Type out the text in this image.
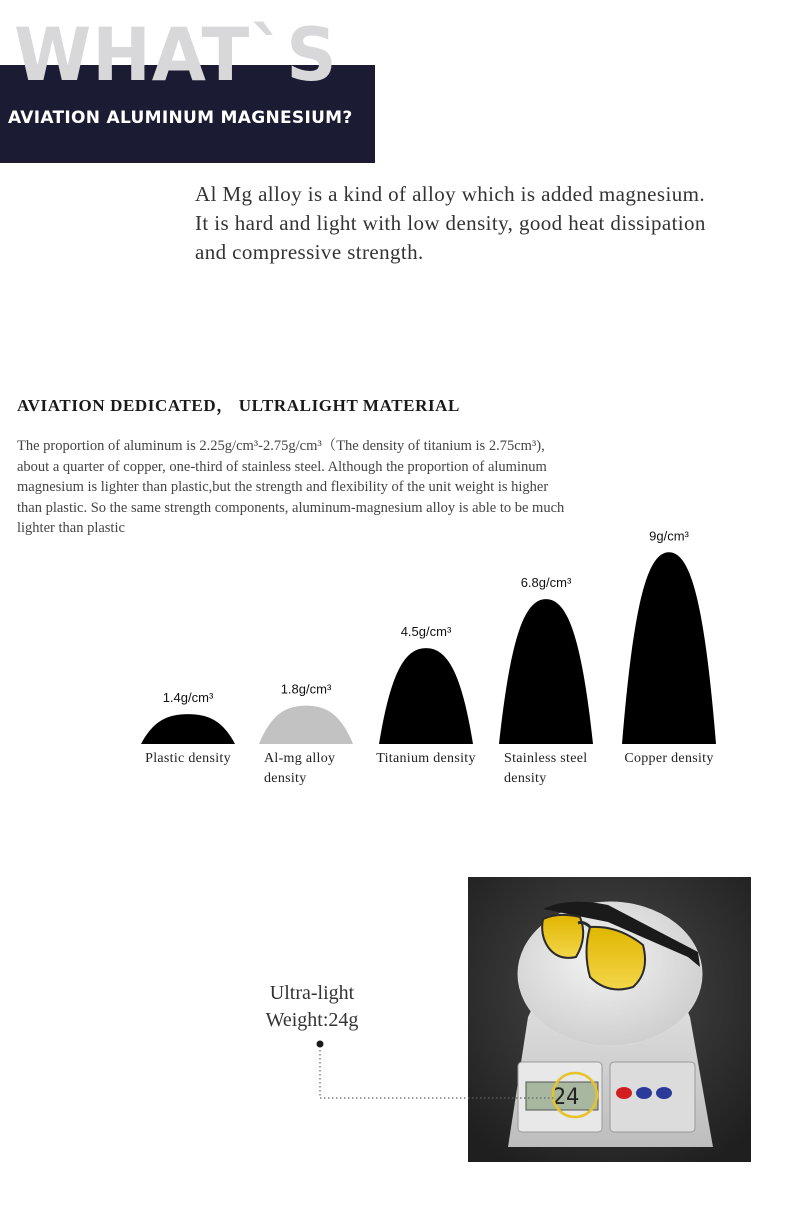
WHAT`S
AVIATION ALUMINUM MAGNESIUM?
Al Mg alloy is a kind of alloy which is added magnesium.
It is hard and light with low density, good heat dissipation
and compressive strength.
AVIATION DEDICATED， ULTRALIGHT MATERIAL
The proportion of aluminum is 2.25g/cm³-2.75g/cm³（The density of titanium is 2.75cm³),
about a quarter of copper, one-third of stainless steel. Although the proportion of aluminum
magnesium is lighter than plastic,but the strength and flexibility of the unit weight is higher
than plastic. So the same strength components, aluminum-magnesium alloy is able to be much
lighter than plastic
1.4g/cm³
Plastic density
1.8g/cm³
Al-mg alloy
density
4.5g/cm³
Titanium density
6.8g/cm³
Stainless steel
density
9g/cm³
Copper density
24
Ultra-light
Weight:24g
